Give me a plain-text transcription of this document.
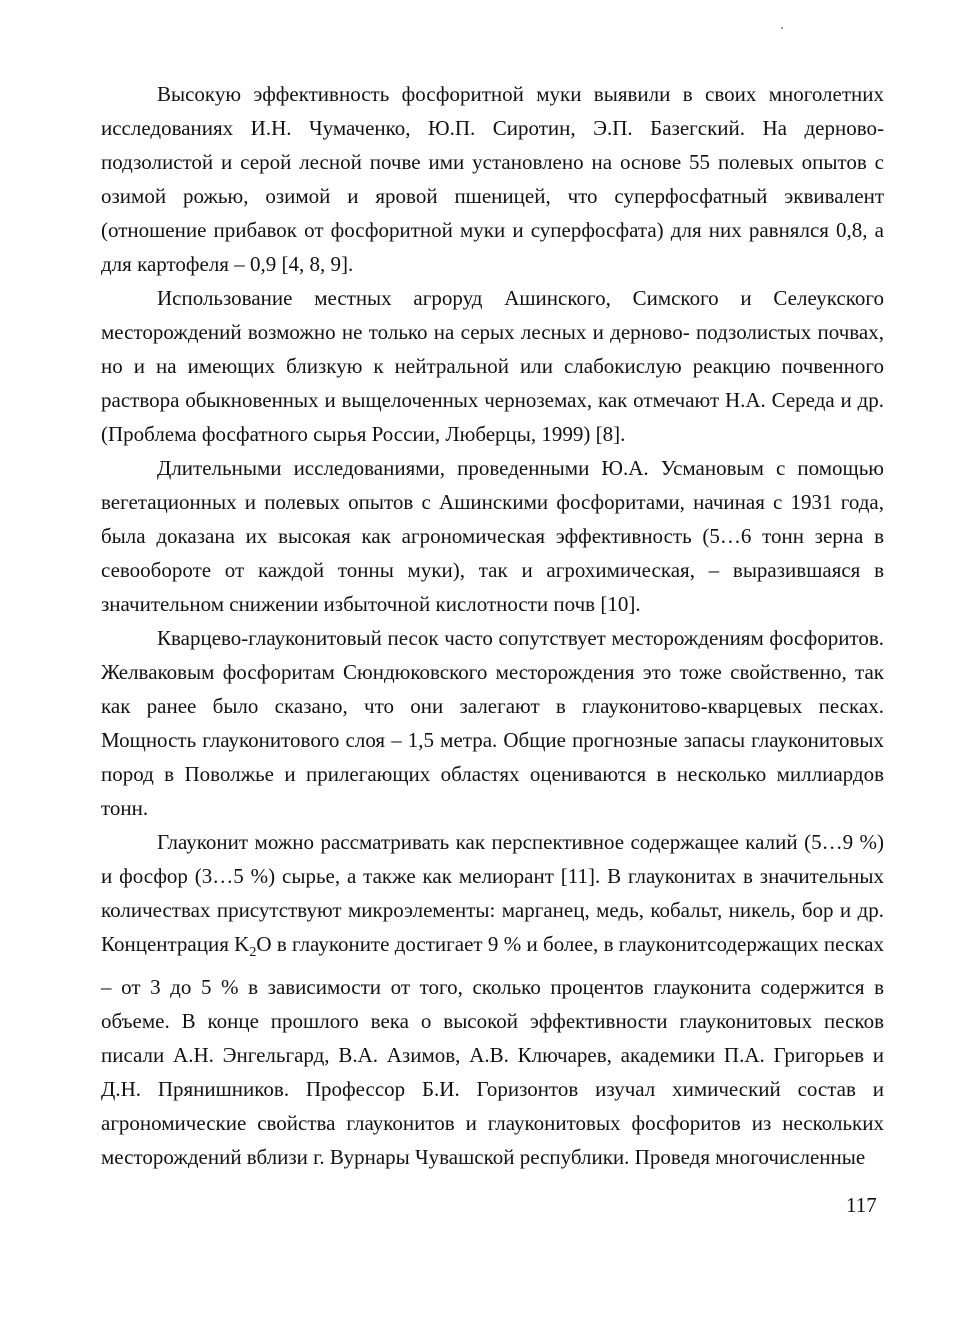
Высокую эффективность фосфоритной муки выявили в своих многолетних исследованиях И.Н. Чумаченко, Ю.П. Сиротин, Э.П. Базегский. На дерново-подзолистой и серой лесной почве ими установлено на основе 55 полевых опытов с озимой рожью, озимой и яровой пшеницей, что суперфосфатный эквивалент (отношение прибавок от фосфоритной муки и суперфосфата) для них равнялся 0,8, а для картофеля – 0,9 [4, 8, 9].

Использование местных агроруд Ашинского, Симского и Селеукского месторождений возможно не только на серых лесных и дерново- подзолистых почвах, но и на имеющих близкую к нейтральной или слабокислую реакцию почвенного раствора обыкновенных и выщелоченных черноземах, как отмечают Н.А. Середа и др. (Проблема фосфатного сырья России, Люберцы, 1999) [8].

Длительными исследованиями, проведенными Ю.А. Усмановым с помощью вегетационных и полевых опытов с Ашинскими фосфоритами, начиная с 1931 года, была доказана их высокая как агрономическая эффективность (5…6 тонн зерна в севообороте от каждой тонны муки), так и агрохимическая, – выразившаяся в значительном снижении избыточной кислотности почв [10].

Кварцево-глауконитовый песок часто сопутствует месторождениям фосфоритов. Желваковым фосфоритам Сюндюковского месторождения это тоже свойственно, так как ранее было сказано, что они залегают в глауконитово-кварцевых песках. Мощность глауконитового слоя – 1,5 метра. Общие прогнозные запасы глауконитовых пород в Поволжье и прилегающих областях оцениваются в несколько миллиардов тонн.

Глауконит можно рассматривать как перспективное содержащее калий (5…9 %) и фосфор (3…5 %) сырье, а также как мелиорант [11]. В глауконитах в значительных количествах присутствуют микроэлементы: марганец, медь, кобальт, никель, бор и др. Концентрация $K_2O$ в глауконите достигает 9 % и более, в глауконитсодержащих песках – от 3 до 5 % в зависимости от того, сколько процентов глауконита содержится в объеме. В конце прошлого века о высокой эффективности глауконитовых песков писали А.Н. Энгельгард, В.А. Азимов, А.В. Ключарев, академики П.А. Григорьев и Д.Н. Прянишников. Профессор Б.И. Горизонтов изучал химический состав и агрономические свойства глауконитов и глауконитовых фосфоритов из нескольких месторождений вблизи г. Вурнары Чувашской республики. Проведя многочисленные

117
